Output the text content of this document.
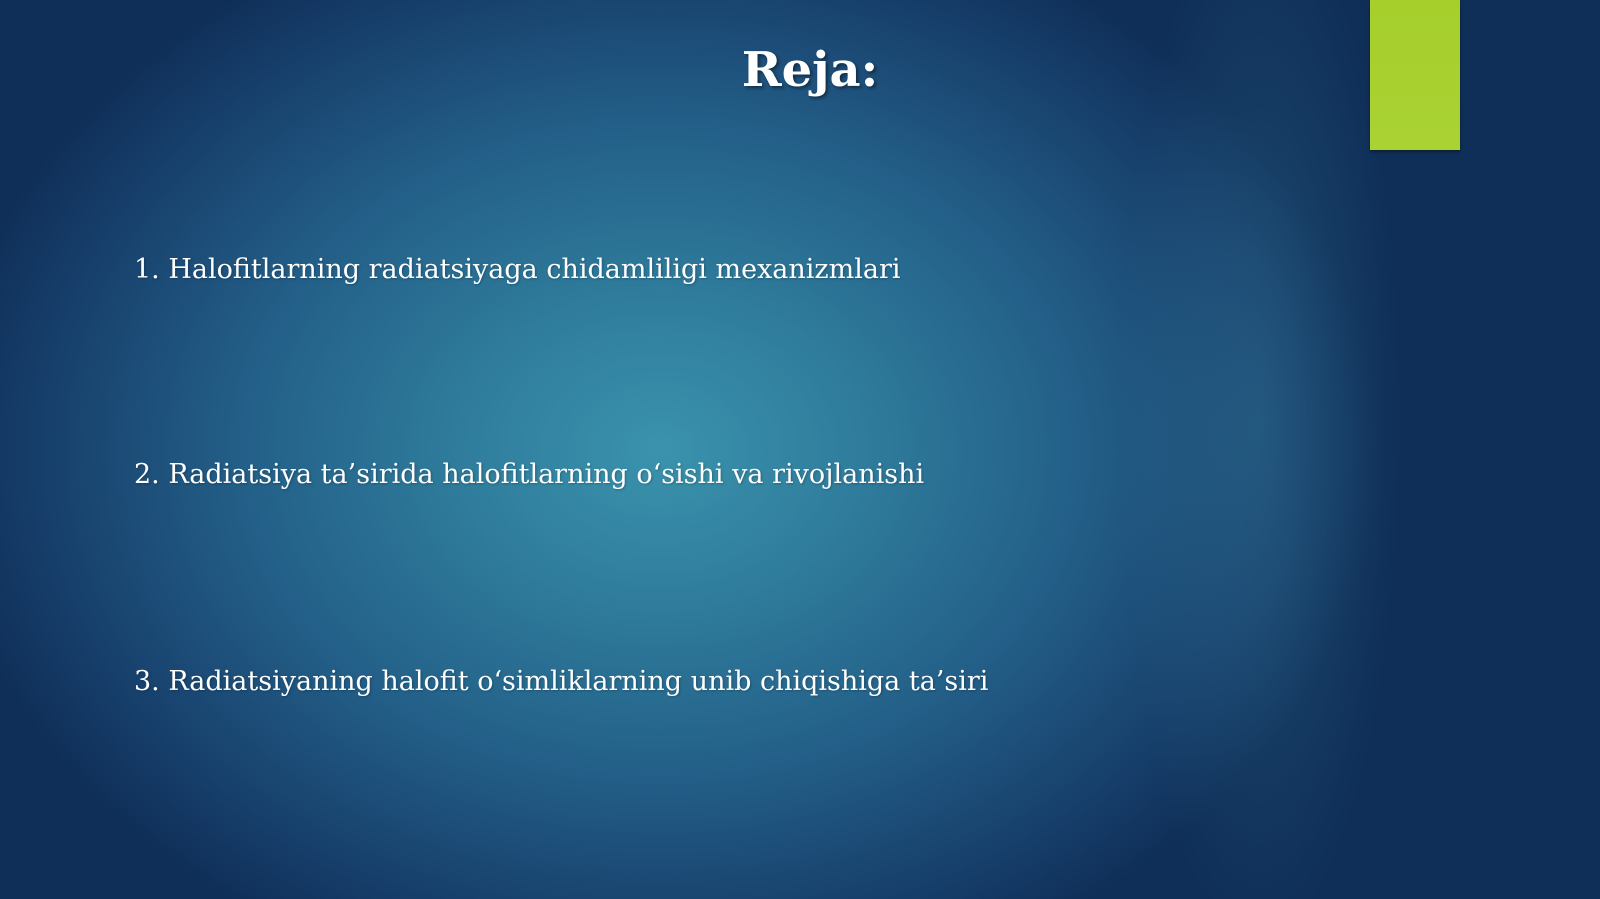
Reja:
1. Halofitlarning radiatsiyaga chidamliligi mexanizmlari
2. Radiatsiya ta’sirida halofitlarning o‘sishi va rivojlanishi
3. Radiatsiyaning halofit o‘simliklarning unib chiqishiga ta’siri
